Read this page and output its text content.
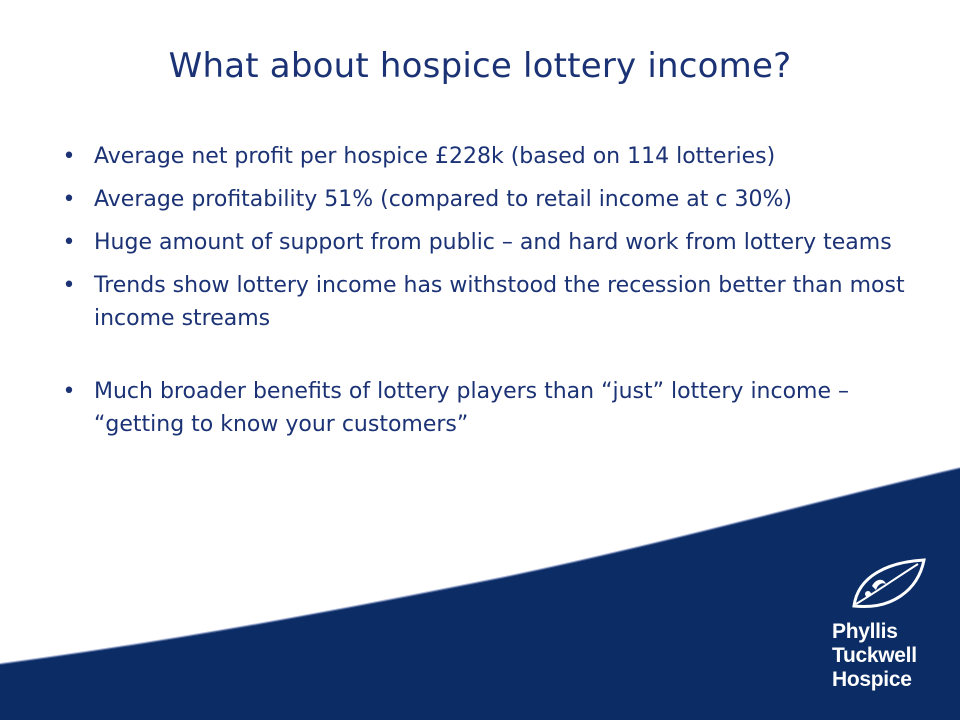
What about hospice lottery income?
• Average net profit per hospice £228k (based on 114 lotteries)
• Average profitability 51% (compared to retail income at c 30%)
• Huge amount of support from public – and hard work from lottery teams
• Trends show lottery income has withstood the recession better than most income streams
• Much broader benefits of lottery players than “just” lottery income – “getting to know your customers”
Phyllis
Tuckwell
Hospice
